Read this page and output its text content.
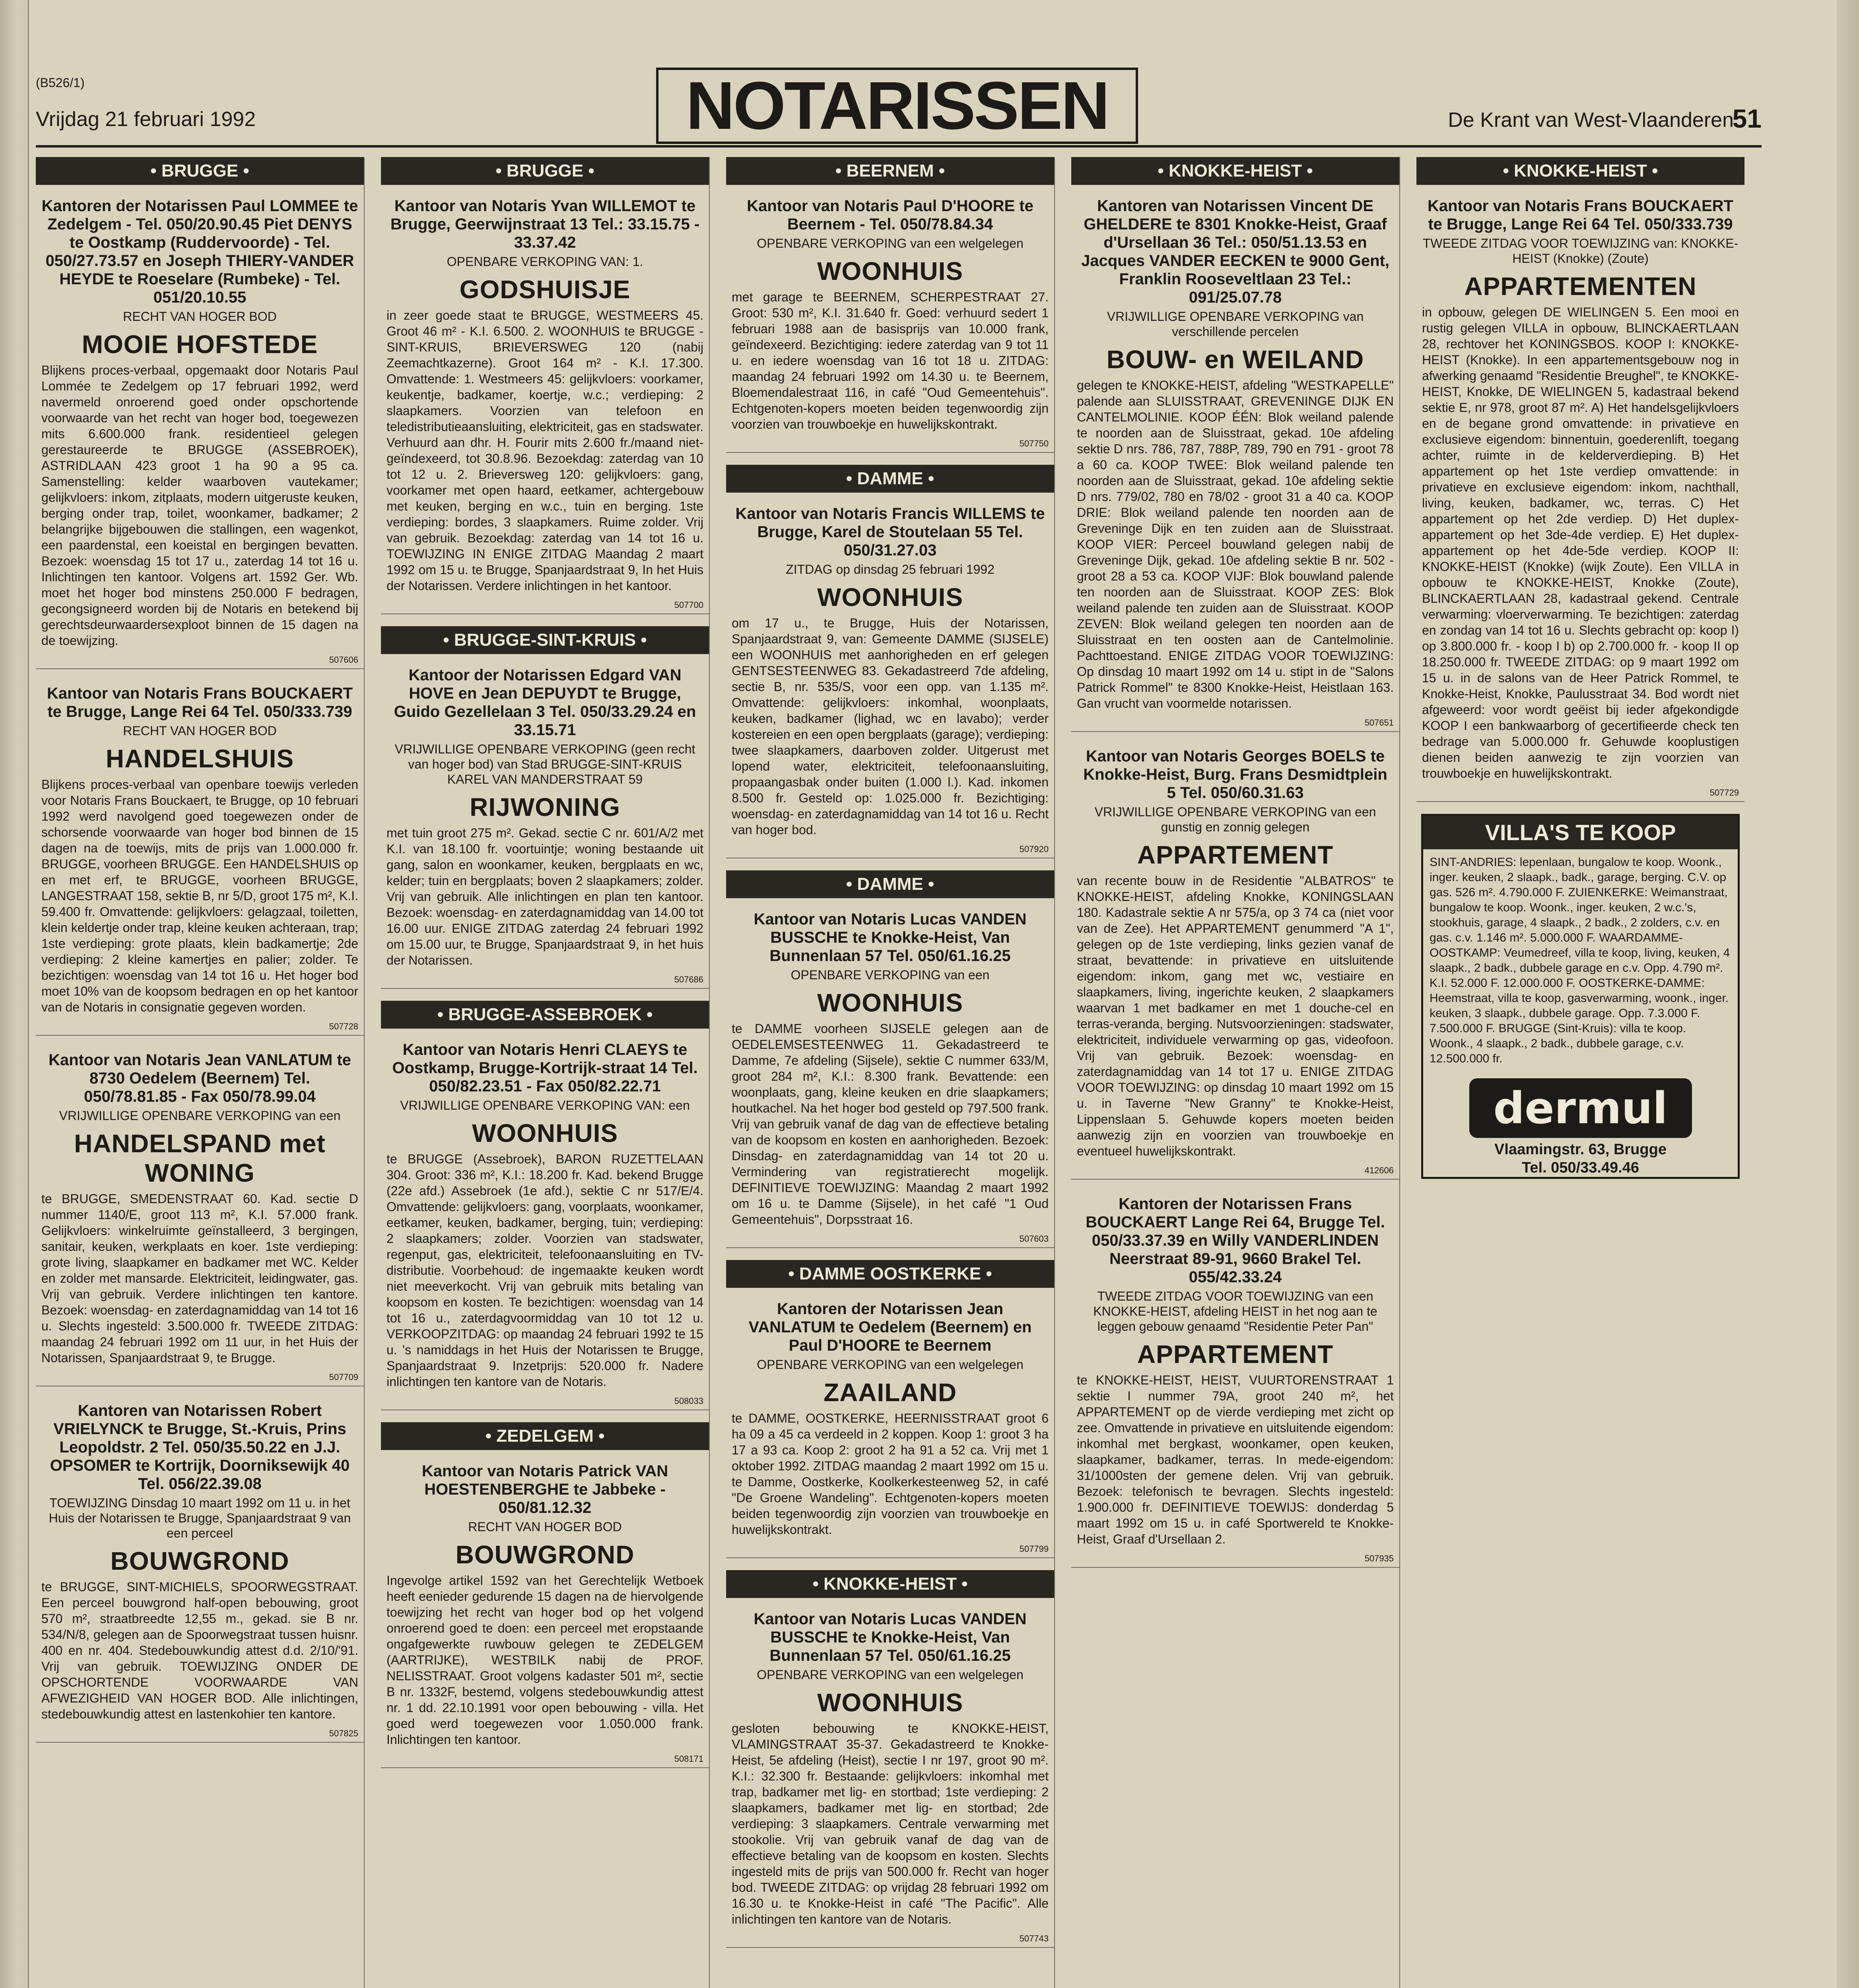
(B526/1)
Vrijdag 21 februari 1992	NOTARISSEN	De Krant van West-Vlaanderen
51
• BRUGGE •
Kantoren der Notarissen Paul LOMMEE te Zedelgem - Tel. 050/20.90.45 Piet DENYS te Oostkamp (Ruddervoorde) - Tel. 050/27.73.57 en Joseph THIERY-VANDER HEYDE te Roeselare (Rumbeke) - Tel. 051/20.10.55
RECHT VAN HOGER BOD
MOOIE HOFSTEDE
Blijkens proces-verbaal, opgemaakt door Notaris Paul Lommée te Zedelgem op 17 februari 1992, werd navermeld onroerend goed onder opschortende voorwaarde van het recht van hoger bod, toegewezen mits 6.600.000 frank. residentieel gelegen gerestaureerde te BRUGGE (ASSEBROEK), ASTRIDLAAN 423 groot 1 ha 90 a 95 ca. Samenstelling: kelder waarboven vautekamer; gelijkvloers: inkom, zitplaats, modern uitgeruste keuken, berging onder trap, toilet, woonkamer, badkamer; 2 belangrijke bijgebouwen die stallingen, een wagenkot, een paardenstal, een koeistal en bergingen bevatten. Bezoek: woensdag 15 tot 17 u., zaterdag 14 tot 16 u. Inlichtingen ten kantoor. Volgens art. 1592 Ger. Wb. moet het hoger bod minstens 250.000 F bedragen, gecongsigneerd worden bij de Notaris en betekend bij gerechtsdeurwaardersexploot binnen de 15 dagen na de toewijzing.
507606
Kantoor van Notaris Frans BOUCKAERT te Brugge, Lange Rei 64 Tel. 050/333.739
RECHT VAN HOGER BOD
HANDELSHUIS
Blijkens proces-verbaal van openbare toewijs verleden voor Notaris Frans Bouckaert, te Brugge, op 10 februari 1992 werd navolgend goed toegewezen onder de schorsende voorwaarde van hoger bod binnen de 15 dagen na de toewijs, mits de prijs van 1.000.000 fr. BRUGGE, voorheen BRUGGE. Een HANDELSHUIS op en met erf, te BRUGGE, voorheen BRUGGE, LANGESTRAAT 158, sektie B, nr 5/D, groot 175 m², K.I. 59.400 fr. Omvattende: gelijkvloers: gelagzaal, toiletten, klein keldertje onder trap, kleine keuken achteraan, trap; 1ste verdieping: grote plaats, klein badkamertje; 2de verdieping: 2 kleine kamertjes en palier; zolder. Te bezichtigen: woensdag van 14 tot 16 u. Het hoger bod moet 10% van de koopsom bedragen en op het kantoor van de Notaris in consignatie gegeven worden.
507728
Kantoor van Notaris Jean VANLATUM te 8730 Oedelem (Beernem) Tel. 050/78.81.85 - Fax 050/78.99.04
VRIJWILLIGE OPENBARE VERKOPING van een
HANDELSPAND met WONING
te BRUGGE, SMEDENSTRAAT 60. Kad. sectie D nummer 1140/E, groot 113 m², K.I. 57.000 frank. Gelijkvloers: winkelruimte geïnstalleerd, 3 bergingen, sanitair, keuken, werkplaats en koer. 1ste verdieping: grote living, slaapkamer en badkamer met WC. Kelder en zolder met mansarde. Elektriciteit, leidingwater, gas. Vrij van gebruik. Verdere inlichtingen ten kantore. Bezoek: woensdag- en zaterdagnamiddag van 14 tot 16 u. Slechts ingesteld: 3.500.000 fr. TWEEDE ZITDAG: maandag 24 februari 1992 om 11 uur, in het Huis der Notarissen, Spanjaardstraat 9, te Brugge.
507709
Kantoren van Notarissen Robert VRIELYNCK te Brugge, St.-Kruis, Prins Leopoldstr. 2 Tel. 050/35.50.22 en J.J. OPSOMER te Kortrijk, Doorniksewijk 40 Tel. 056/22.39.08
TOEWIJZING Dinsdag 10 maart 1992 om 11 u. in het Huis der Notarissen te Brugge, Spanjaardstraat 9 van een perceel
BOUWGROND
te BRUGGE, SINT-MICHIELS, SPOORWEGSTRAAT. Een perceel bouwgrond half-open bebouwing, groot 570 m², straatbreedte 12,55 m., gekad. sie B nr. 534/N/8, gelegen aan de Spoorwegstraat tussen huisnr. 400 en nr. 404. Stedebouwkundig attest d.d. 2/10/'91. Vrij van gebruik. TOEWIJZING ONDER DE OPSCHORTENDE VOORWAARDE VAN AFWEZIGHEID VAN HOGER BOD. Alle inlichtingen, stedebouwkundig attest en lastenkohier ten kantore.
507825
• BRUGGE •
Kantoor van Notaris Yvan WILLEMOT te Brugge, Geerwijnstraat 13 Tel.: 33.15.75 - 33.37.42
OPENBARE VERKOPING VAN: 1.
GODSHUISJE
in zeer goede staat te BRUGGE, WESTMEERS 45. Groot 46 m² - K.I. 6.500. 2. WOONHUIS te BRUGGE - SINT-KRUIS, BRIEVERSWEG 120 (nabij Zeemachtkazerne). Groot 164 m² - K.I. 17.300. Omvattende: 1. Westmeers 45: gelijkvloers: voorkamer, keukentje, badkamer, koertje, w.c.; verdieping: 2 slaapkamers. Voorzien van telefoon en teledistributieaansluiting, elektriciteit, gas en stadswater. Verhuurd aan dhr. H. Fourir mits 2.600 fr./maand niet-geïndexeerd, tot 30.8.96. Bezoekdag: zaterdag van 10 tot 12 u. 2. Brieversweg 120: gelijkvloers: gang, voorkamer met open haard, eetkamer, achtergebouw met keuken, berging en w.c., tuin en berging. 1ste verdieping: bordes, 3 slaapkamers. Ruime zolder. Vrij van gebruik. Bezoekdag: zaterdag van 14 tot 16 u. TOEWIJZING IN ENIGE ZITDAG Maandag 2 maart 1992 om 15 u. te Brugge, Spanjaardstraat 9, In het Huis der Notarissen. Verdere inlichtingen in het kantoor.
507700
• BRUGGE-SINT-KRUIS •
Kantoor der Notarissen Edgard VAN HOVE en Jean DEPUYDT te Brugge, Guido Gezellelaan 3 Tel. 050/33.29.24 en 33.15.71
VRIJWILLIGE OPENBARE VERKOPING (geen recht van hoger bod) van Stad BRUGGE-SINT-KRUIS KAREL VAN MANDERSTRAAT 59
RIJWONING
met tuin groot 275 m². Gekad. sectie C nr. 601/A/2 met K.I. van 18.100 fr. voortuintje; woning bestaande uit gang, salon en woonkamer, keuken, bergplaats en wc, kelder; tuin en bergplaats; boven 2 slaapkamers; zolder. Vrij van gebruik. Alle inlichtingen en plan ten kantoor. Bezoek: woensdag- en zaterdagnamiddag van 14.00 tot 16.00 uur. ENIGE ZITDAG zaterdag 24 februari 1992 om 15.00 uur, te Brugge, Spanjaardstraat 9, in het huis der Notarissen.
507686
• BRUGGE-ASSEBROEK •
Kantoor van Notaris Henri CLAEYS te Oostkamp, Brugge-Kortrijk-straat 14 Tel. 050/82.23.51 - Fax 050/82.22.71
VRIJWILLIGE OPENBARE VERKOPING VAN: een
WOONHUIS
te BRUGGE (Assebroek), BARON RUZETTELAAN 304. Groot: 336 m², K.I.: 18.200 fr. Kad. bekend Brugge (22e afd.) Assebroek (1e afd.), sektie C nr 517/E/4. Omvattende: gelijkvloers: gang, voorplaats, woonkamer, eetkamer, keuken, badkamer, berging, tuin; verdieping: 2 slaapkamers; zolder. Voorzien van stadswater, regenput, gas, elektriciteit, telefoonaansluiting en TV-distributie. Voorbehoud: de ingemaakte keuken wordt niet meeverkocht. Vrij van gebruik mits betaling van koopsom en kosten. Te bezichtigen: woensdag van 14 tot 16 u., zaterdagvoormiddag van 10 tot 12 u. VERKOOPZITDAG: op maandag 24 februari 1992 te 15 u. 's namiddags in het Huis der Notarissen te Brugge, Spanjaardstraat 9. Inzetprijs: 520.000 fr. Nadere inlichtingen ten kantore van de Notaris.
508033
• ZEDELGEM •
Kantoor van Notaris Patrick VAN HOESTENBERGHE te Jabbeke - 050/81.12.32
RECHT VAN HOGER BOD
BOUWGROND
Ingevolge artikel 1592 van het Gerechtelijk Wetboek heeft eenieder gedurende 15 dagen na de hiervolgende toewijzing het recht van hoger bod op het volgend onroerend goed te doen: een perceel met eropstaande ongafgewerkte ruwbouw gelegen te ZEDELGEM (AARTRIJKE), WESTBILK nabij de PROF. NELISSTRAAT. Groot volgens kadaster 501 m², sectie B nr. 1332F, bestemd, volgens stedebouwkundig attest nr. 1 dd. 22.10.1991 voor open bebouwing - villa. Het goed werd toegewezen voor 1.050.000 frank. Inlichtingen ten kantoor.
508171
• BEERNEM •
Kantoor van Notaris Paul D'HOORE te Beernem - Tel. 050/78.84.34
OPENBARE VERKOPING van een welgelegen
WOONHUIS
met garage te BEERNEM, SCHERPESTRAAT 27. Groot: 530 m², K.I. 31.640 fr. Goed: verhuurd sedert 1 februari 1988 aan de basisprijs van 10.000 frank, geïndexeerd. Bezichtiging: iedere zaterdag van 9 tot 11 u. en iedere woensdag van 16 tot 18 u. ZITDAG: maandag 24 februari 1992 om 14.30 u. te Beernem, Bloemendalestraat 116, in café "Oud Gemeentehuis". Echtgenoten-kopers moeten beiden tegenwoordig zijn voorzien van trouwboekje en huwelijkskontrakt.
507750
• DAMME •
Kantoor van Notaris Francis WILLEMS te Brugge, Karel de Stoutelaan 55 Tel. 050/31.27.03
ZITDAG op dinsdag 25 februari 1992
WOONHUIS
om 17 u., te Brugge, Huis der Notarissen, Spanjaardstraat 9, van: Gemeente DAMME (SIJSELE) een WOONHUIS met aanhorigheden en erf gelegen GENTSESTEENWEG 83. Gekadastreerd 7de afdeling, sectie B, nr. 535/S, voor een opp. van 1.135 m². Omvattende: gelijkvloers: inkomhal, woonplaats, keuken, badkamer (lighad, wc en lavabo); verder kostereien en een open bergplaats (garage); verdieping: twee slaapkamers, daarboven zolder. Uitgerust met lopend water, elektriciteit, telefoonaansluiting, propaangasbak onder buiten (1.000 l.). Kad. inkomen 8.500 fr. Gesteld op: 1.025.000 fr. Bezichtiging: woensdag- en zaterdagnamiddag van 14 tot 16 u. Recht van hoger bod.
507920
• DAMME •
Kantoor van Notaris Lucas VANDEN BUSSCHE te Knokke-Heist, Van Bunnenlaan 57 Tel. 050/61.16.25
OPENBARE VERKOPING van een
WOONHUIS
te DAMME voorheen SIJSELE gelegen aan de OEDELEMSESTEENWEG 11. Gekadastreerd te Damme, 7e afdeling (Sijsele), sektie C nummer 633/M, groot 284 m², K.I.: 8.300 frank. Bevattende: een woonplaats, gang, kleine keuken en drie slaapkamers; houtkachel. Na het hoger bod gesteld op 797.500 frank. Vrij van gebruik vanaf de dag van de effectieve betaling van de koopsom en kosten en aanhorigheden. Bezoek: Dinsdag- en zaterdagnamiddag van 14 tot 20 u. Vermindering van registratierecht mogelijk. DEFINITIEVE TOEWIJZING: Maandag 2 maart 1992 om 16 u. te Damme (Sijsele), in het café "1 Oud Gemeentehuis", Dorpsstraat 16.
507603
• DAMME OOSTKERKE •
Kantoren der Notarissen Jean VANLATUM te Oedelem (Beernem) en Paul D'HOORE te Beernem
OPENBARE VERKOPING van een welgelegen
ZAAILAND
te DAMME, OOSTKERKE, HEERNISSTRAAT groot 6 ha 09 a 45 ca verdeeld in 2 koppen. Koop 1: groot 3 ha 17 a 93 ca. Koop 2: groot 2 ha 91 a 52 ca. Vrij met 1 oktober 1992. ZITDAG maandag 2 maart 1992 om 15 u. te Damme, Oostkerke, Koolkerkesteenweg 52, in café "De Groene Wandeling". Echtgenoten-kopers moeten beiden tegenwoordig zijn voorzien van trouwboekje en huwelijkskontrakt.
507799
• KNOKKE-HEIST •
Kantoor van Notaris Lucas VANDEN BUSSCHE te Knokke-Heist, Van Bunnenlaan 57 Tel. 050/61.16.25
OPENBARE VERKOPING van een welgelegen
WOONHUIS
gesloten bebouwing te KNOKKE-HEIST, VLAMINGSTRAAT 35-37. Gekadastreerd te Knokke-Heist, 5e afdeling (Heist), sectie I nr 197, groot 90 m². K.I.: 32.300 fr. Bestaande: gelijkvloers: inkomhal met trap, badkamer met lig- en stortbad; 1ste verdieping: 2 slaapkamers, badkamer met lig- en stortbad; 2de verdieping: 3 slaapkamers. Centrale verwarming met stookolie. Vrij van gebruik vanaf de dag van de effectieve betaling van de koopsom en kosten. Slechts ingesteld mits de prijs van 500.000 fr. Recht van hoger bod. TWEEDE ZITDAG: op vrijdag 28 februari 1992 om 16.30 u. te Knokke-Heist in café "The Pacific". Alle inlichtingen ten kantore van de Notaris.
507743
• KNOKKE-HEIST •
Kantoren van Notarissen Vincent DE GHELDERE te 8301 Knokke-Heist, Graaf d'Ursellaan 36 Tel.: 050/51.13.53 en Jacques VANDER EECKEN te 9000 Gent, Franklin Rooseveltlaan 23 Tel.: 091/25.07.78
VRIJWILLIGE OPENBARE VERKOPING van verschillende percelen
BOUW- en WEILAND
gelegen te KNOKKE-HEIST, afdeling "WESTKAPELLE" palende aan SLUISSTRAAT, GREVENINGE DIJK EN CANTELMOLINIE. KOOP ÉÉN: Blok weiland palende te noorden aan de Sluisstraat, gekad. 10e afdeling sektie D nrs. 786, 787, 788P, 789, 790 en 791 - groot 78 a 60 ca. KOOP TWEE: Blok weiland palende ten noorden aan de Sluisstraat, gekad. 10e afdeling sektie D nrs. 779/02, 780 en 78/02 - groot 31 a 40 ca. KOOP DRIE: Blok weiland palende ten noorden aan de Greveninge Dijk en ten zuiden aan de Sluisstraat. KOOP VIER: Perceel bouwland gelegen nabij de Greveninge Dijk, gekad. 10e afdeling sektie B nr. 502 - groot 28 a 53 ca. KOOP VIJF: Blok bouwland palende ten noorden aan de Sluisstraat. KOOP ZES: Blok weiland palende ten zuiden aan de Sluisstraat. KOOP ZEVEN: Blok weiland gelegen ten noorden aan de Sluisstraat en ten oosten aan de Cantelmolinie. Pachttoestand. ENIGE ZITDAG VOOR TOEWIJZING: Op dinsdag 10 maart 1992 om 14 u. stipt in de "Salons Patrick Rommel" te 8300 Knokke-Heist, Heistlaan 163. Gan vrucht van voormelde notarissen.
507651
Kantoor van Notaris Georges BOELS te Knokke-Heist, Burg. Frans Desmidtplein 5 Tel. 050/60.31.63
VRIJWILLIGE OPENBARE VERKOPING van een gunstig en zonnig gelegen
APPARTEMENT
van recente bouw in de Residentie "ALBATROS" te KNOKKE-HEIST, afdeling Knokke, KONINGSLAAN 180. Kadastrale sektie A nr 575/a, op 3 74 ca (niet voor van de Zee). Het APPARTEMENT genummerd "A 1", gelegen op de 1ste verdieping, links gezien vanaf de straat, bevattende: in privatieve en uitsluitende eigendom: inkom, gang met wc, vestiaire en slaapkamers, living, ingerichte keuken, 2 slaapkamers waarvan 1 met badkamer en met 1 douche-cel en terras-veranda, berging. Nutsvoorzieningen: stadswater, elektriciteit, individuele verwarming op gas, videofoon. Vrij van gebruik. Bezoek: woensdag- en zaterdagnamiddag van 14 tot 17 u. ENIGE ZITDAG VOOR TOEWIJZING: op dinsdag 10 maart 1992 om 15 u. in Taverne "New Granny" te Knokke-Heist, Lippenslaan 5. Gehuwde kopers moeten beiden aanwezig zijn en voorzien van trouwboekje en eventueel huwelijkskontrakt.
412606
Kantoren der Notarissen Frans BOUCKAERT Lange Rei 64, Brugge Tel. 050/33.37.39 en Willy VANDERLINDEN Neerstraat 89-91, 9660 Brakel Tel. 055/42.33.24
TWEEDE ZITDAG VOOR TOEWIJZING van een KNOKKE-HEIST, afdeling HEIST in het nog aan te leggen gebouw genaamd "Residentie Peter Pan"
APPARTEMENT
te KNOKKE-HEIST, HEIST, VUURTORENSTRAAT 1 sektie I nummer 79A, groot 240 m², het APPARTEMENT op de vierde verdieping met zicht op zee. Omvattende in privatieve en uitsluitende eigendom: inkomhal met bergkast, woonkamer, open keuken, slaapkamer, badkamer, terras. In mede-eigendom: 31/1000sten der gemene delen. Vrij van gebruik. Bezoek: telefonisch te bevragen. Slechts ingesteld: 1.900.000 fr. DEFINITIEVE TOEWIJS: donderdag 5 maart 1992 om 15 u. in café Sportwereld te Knokke-Heist, Graaf d'Ursellaan 2.
507935
• KNOKKE-HEIST •
Kantoor van Notaris Frans BOUCKAERT te Brugge, Lange Rei 64 Tel. 050/333.739
TWEEDE ZITDAG VOOR TOEWIJZING van: KNOKKE-HEIST (Knokke) (Zoute)
APPARTEMENTEN
in opbouw, gelegen DE WIELINGEN 5. Een mooi en rustig gelegen VILLA in opbouw, BLINCKAERTLAAN 28, rechtover het KONINGSBOS. KOOP I: KNOKKE-HEIST (Knokke). In een appartementsgebouw nog in afwerking genaamd "Residentie Breughel", te KNOKKE-HEIST, Knokke, DE WIELINGEN 5, kadastraal bekend sektie E, nr 978, groot 87 m². A) Het handelsgelijkvloers en de begane grond omvattende: in privatieve en exclusieve eigendom: binnentuin, goederenlift, toegang achter, ruimte in de kelderverdieping. B) Het appartement op het 1ste verdiep omvattende: in privatieve en exclusieve eigendom: inkom, nachthall, living, keuken, badkamer, wc, terras. C) Het appartement op het 2de verdiep. D) Het duplex-appartement op het 3de-4de verdiep. E) Het duplex-appartement op het 4de-5de verdiep. KOOP II: KNOKKE-HEIST (Knokke) (wijk Zoute). Een VILLA in opbouw te KNOKKE-HEIST, Knokke (Zoute), BLINCKAERTLAAN 28, kadastraal gekend. Centrale verwarming: vloerverwarming. Te bezichtigen: zaterdag en zondag van 14 tot 16 u. Slechts gebracht op: koop I) op 3.800.000 fr. - koop I b) op 2.700.000 fr. - koop II op 18.250.000 fr. TWEEDE ZITDAG: op 9 maart 1992 om 15 u. in de salons van de Heer Patrick Rommel, te Knokke-Heist, Knokke, Paulusstraat 34. Bod wordt niet afgeweerd: voor wordt geëist bij ieder afgekondigde KOOP I een bankwaarborg of gecertifieerde check ten bedrage van 5.000.000 fr. Gehuwde kooplustigen dienen beiden aanwezig te zijn voorzien van trouwboekje en huwelijkskontrakt.
507729
VILLA'S TE KOOP
SINT-ANDRIES: lepenlaan, bungalow te koop. Woonk., inger. keuken, 2 slaapk., badk., garage, berging. C.V. op gas. 526 m². 4.790.000 F. ZUIENKERKE: Weimanstraat, bungalow te koop. Woonk., inger. keuken, 2 w.c.'s, stookhuis, garage, 4 slaapk., 2 badk., 2 zolders, c.v. en gas. c.v. 1.146 m². 5.000.000 F. WAARDAMME-OOSTKAMP: Veumedreef, villa te koop, living, keuken, 4 slaapk., 2 badk., dubbele garage en c.v. Opp. 4.790 m². K.I. 52.000 F. 12.000.000 F. OOSTKERKE-DAMME: Heemstraat, villa te koop, gasverwarming, woonk., inger. keuken, 3 slaapk., dubbele garage. Opp. 7.3.000 F. 7.500.000 F. BRUGGE (Sint-Kruis): villa te koop. Woonk., 4 slaapk., 2 badk., dubbele garage, c.v. 12.500.000 fr.
dermul
Vlaamingstr. 63, Brugge
Tel. 050/33.49.46
